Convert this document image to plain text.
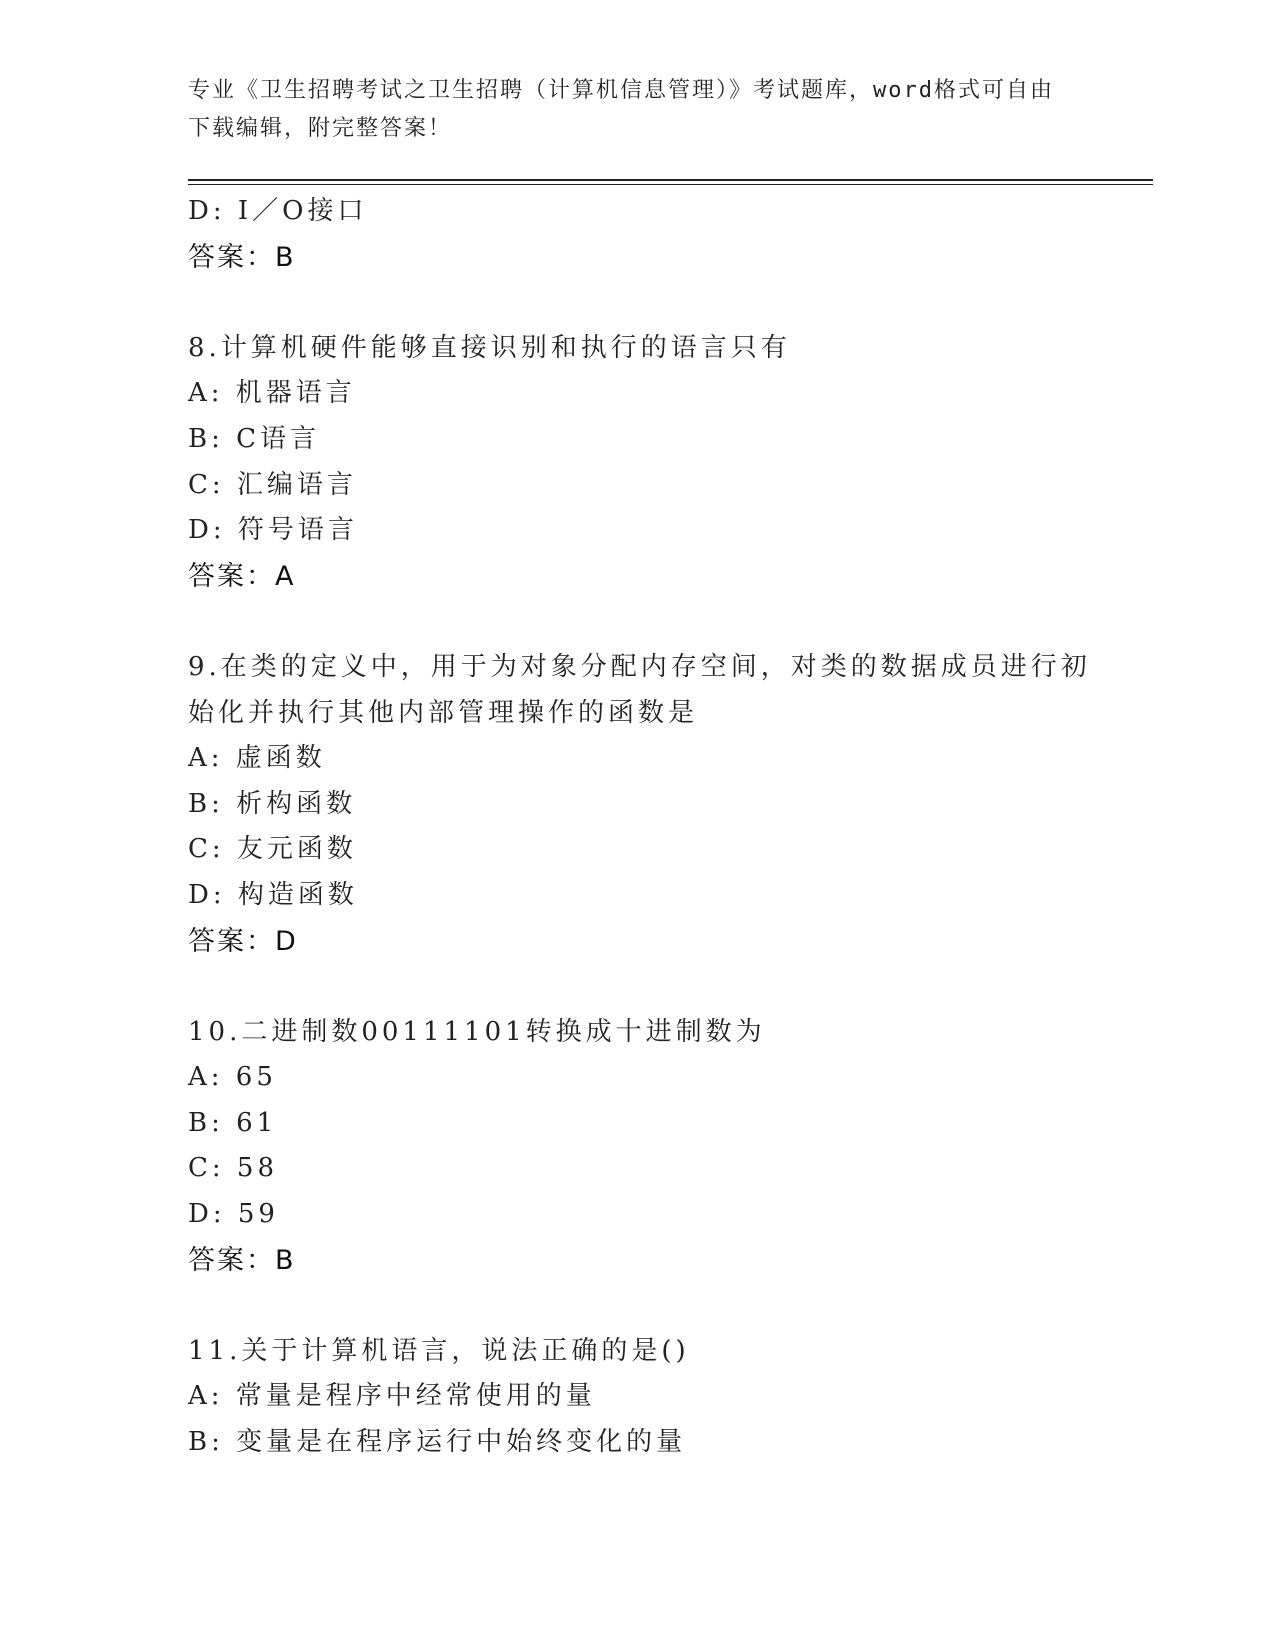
专业《卫生招聘考试之卫生招聘（计算机信息管理）》考试题库，word格式可自由下载编辑，附完整答案！
D: I／O接口
答案：B
8.计算机硬件能够直接识别和执行的语言只有
A: 机器语言
B: C语言
C: 汇编语言
D: 符号语言
答案：A
9.在类的定义中，用于为对象分配内存空间，对类的数据成员进行初
始化并执行其他内部管理操作的函数是
A: 虚函数
B: 析构函数
C: 友元函数
D: 构造函数
答案：D
10.二进制数00111101转换成十进制数为
A: 65
B: 61
C: 58
D: 59
答案：B
11.关于计算机语言，说法正确的是()
A: 常量是程序中经常使用的量
B: 变量是在程序运行中始终变化的量
